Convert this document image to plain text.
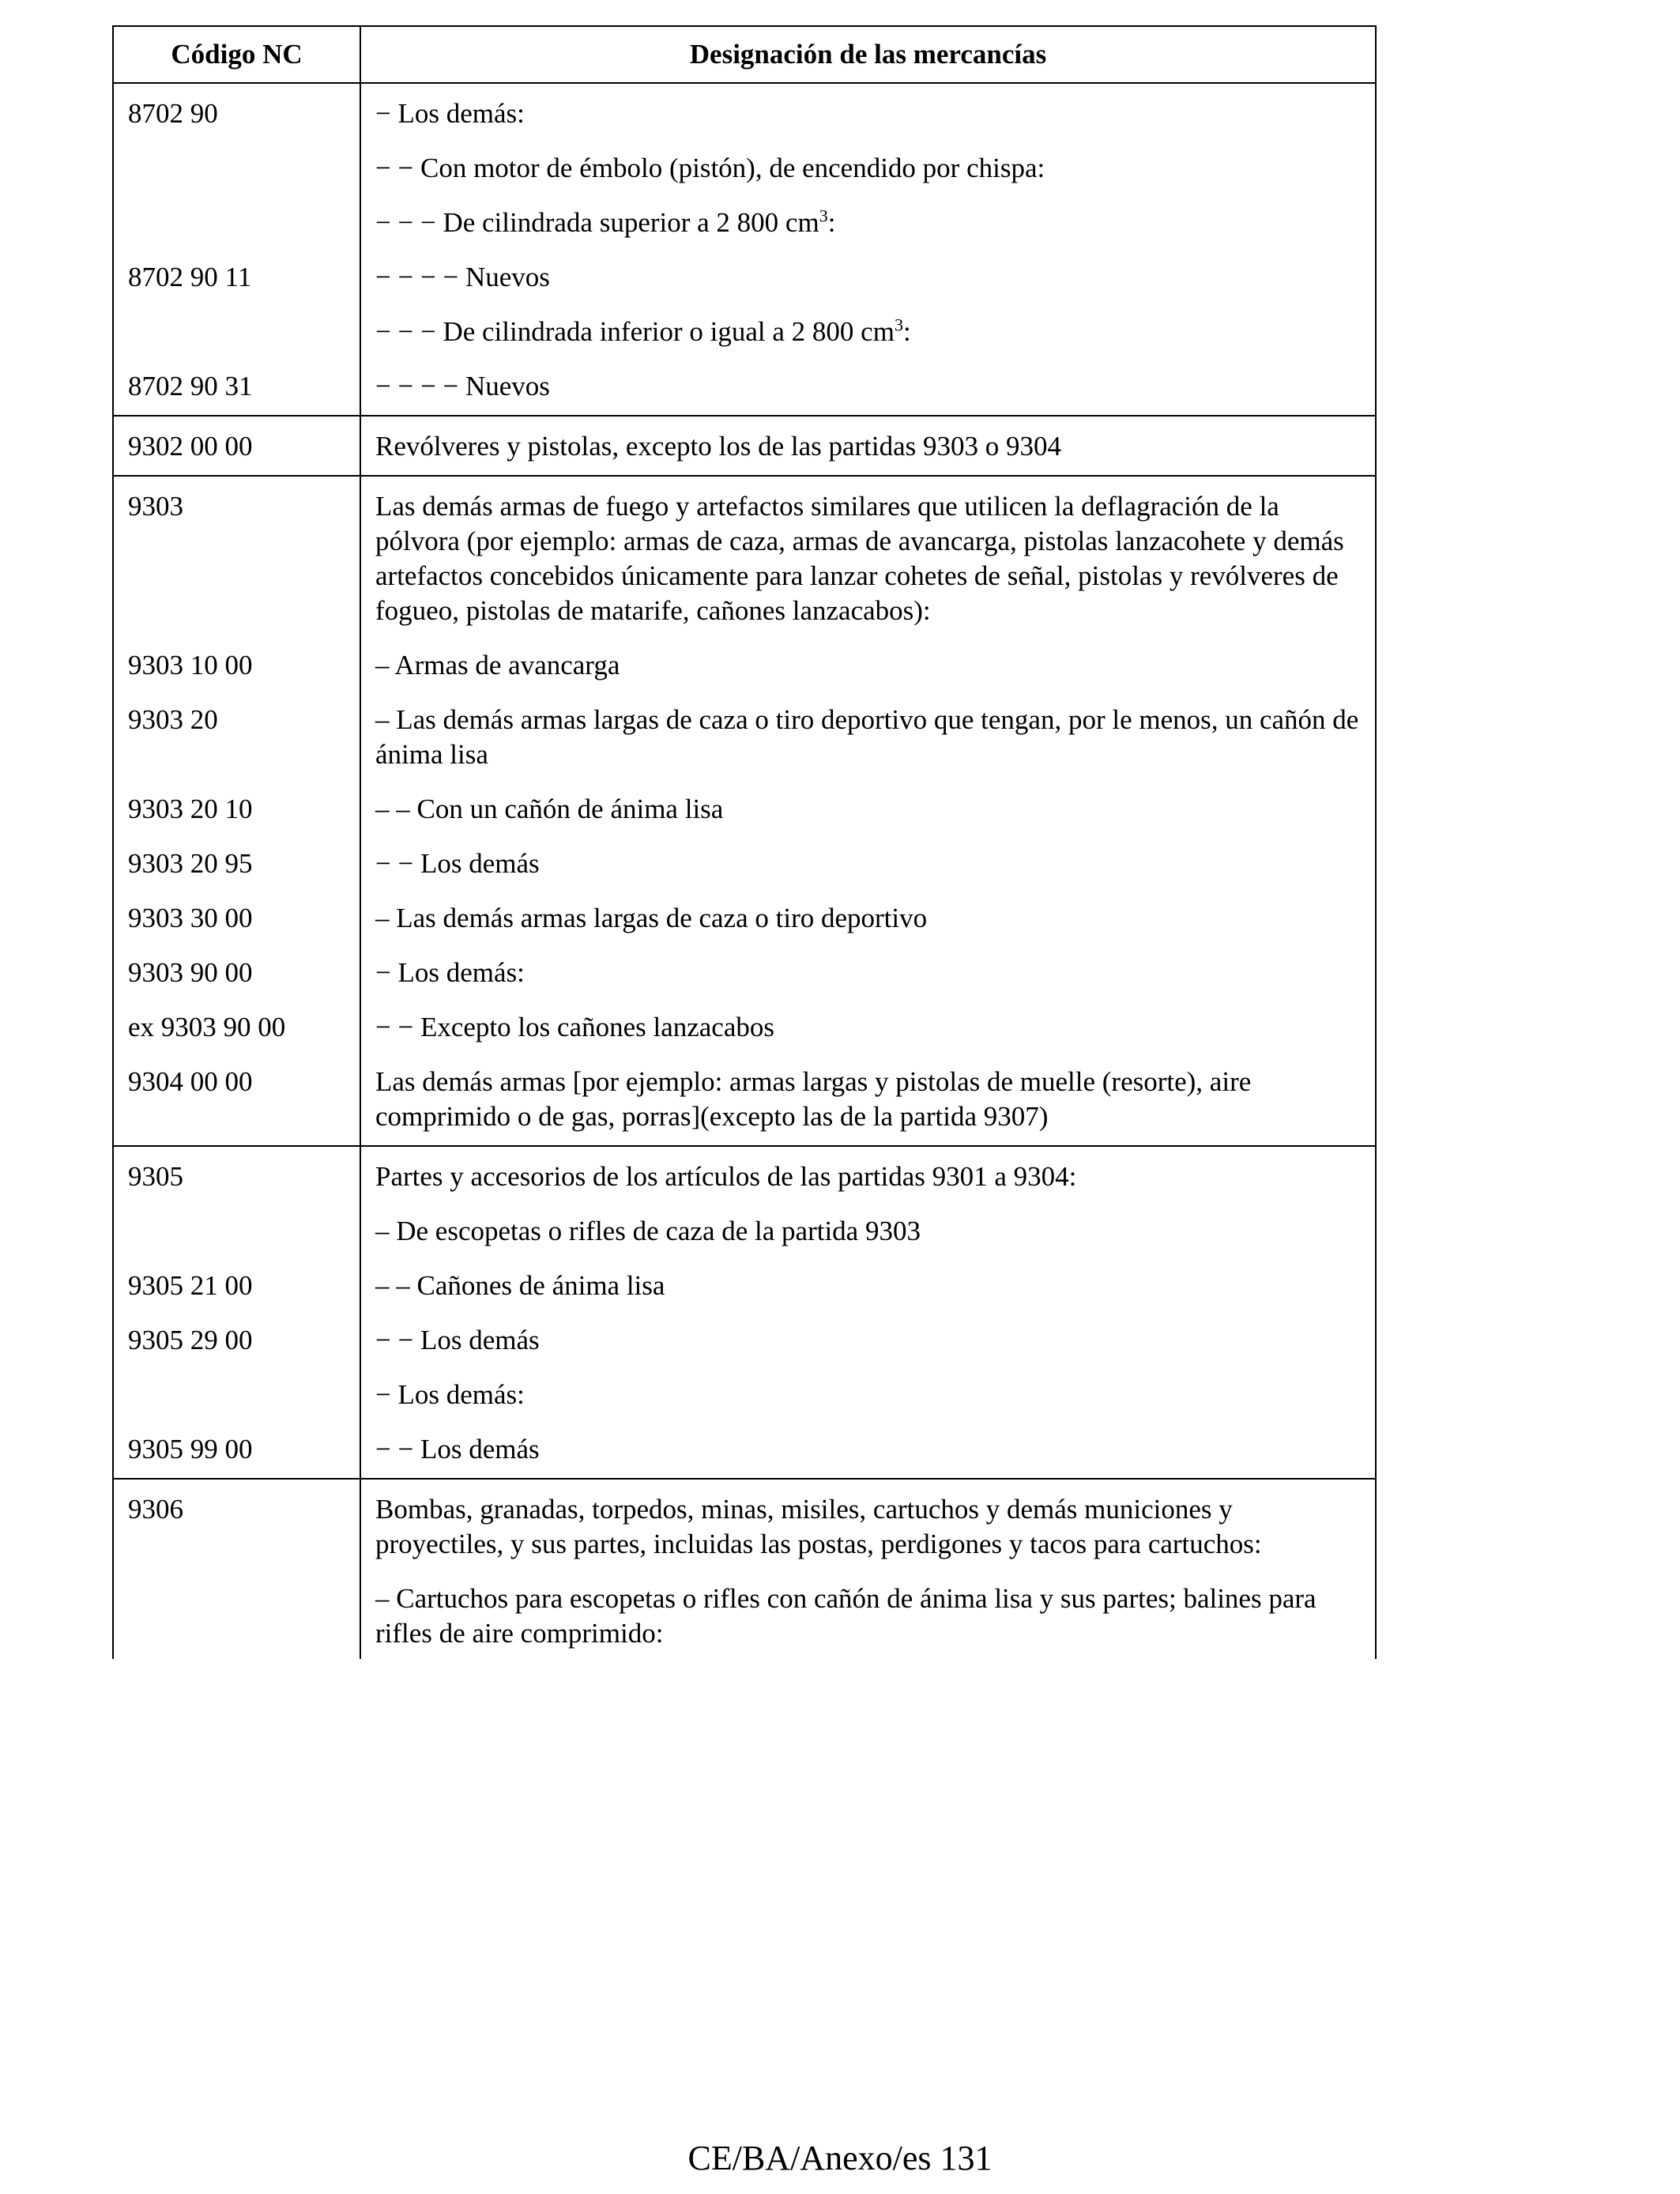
Código NC	Designación de las mercancías
8702 90	− Los demás:
	− − Con motor de émbolo (pistón), de encendido por chispa:
	− − − De cilindrada superior a 2 800 $cm^3$:
8702 90 11	− − − − Nuevos
	− − − De cilindrada inferior o igual a 2 800 $cm^3$:
8702 90 31	− − − − Nuevos
9302 00 00	Revólveres y pistolas, excepto los de las partidas 9303 o 9304
9303	Las demás armas de fuego y artefactos similares que utilicen la deflagración de la pólvora (por ejemplo: armas de caza, armas de avancarga, pistolas lanzacohete y demás artefactos concebidos únicamente para lanzar cohetes de señal, pistolas y revólveres de fogueo, pistolas de matarife, cañones lanzacabos):
9303 10 00	– Armas de avancarga
9303 20	– Las demás armas largas de caza o tiro deportivo que tengan, por le menos, un cañón de ánima lisa
9303 20 10	– – Con un cañón de ánima lisa
9303 20 95	− − Los demás
9303 30 00	– Las demás armas largas de caza o tiro deportivo
9303 90 00	− Los demás:
ex 9303 90 00	− − Excepto los cañones lanzacabos
9304 00 00	Las demás armas [por ejemplo: armas largas y pistolas de muelle (resorte), aire comprimido o de gas, porras](excepto las de la partida 9307)
9305	Partes y accesorios de los artículos de las partidas 9301 a 9304:
	– De escopetas o rifles de caza de la partida 9303
9305 21 00	– – Cañones de ánima lisa
9305 29 00	− − Los demás
	− Los demás:
9305 99 00	− − Los demás
9306	Bombas, granadas, torpedos, minas, misiles, cartuchos y demás municiones y proyectiles, y sus partes, incluidas las postas, perdigones y tacos para cartuchos:
	– Cartuchos para escopetas o rifles con cañón de ánima lisa y sus partes; balines para rifles de aire comprimido:
CE/BA/Anexo/es 131
